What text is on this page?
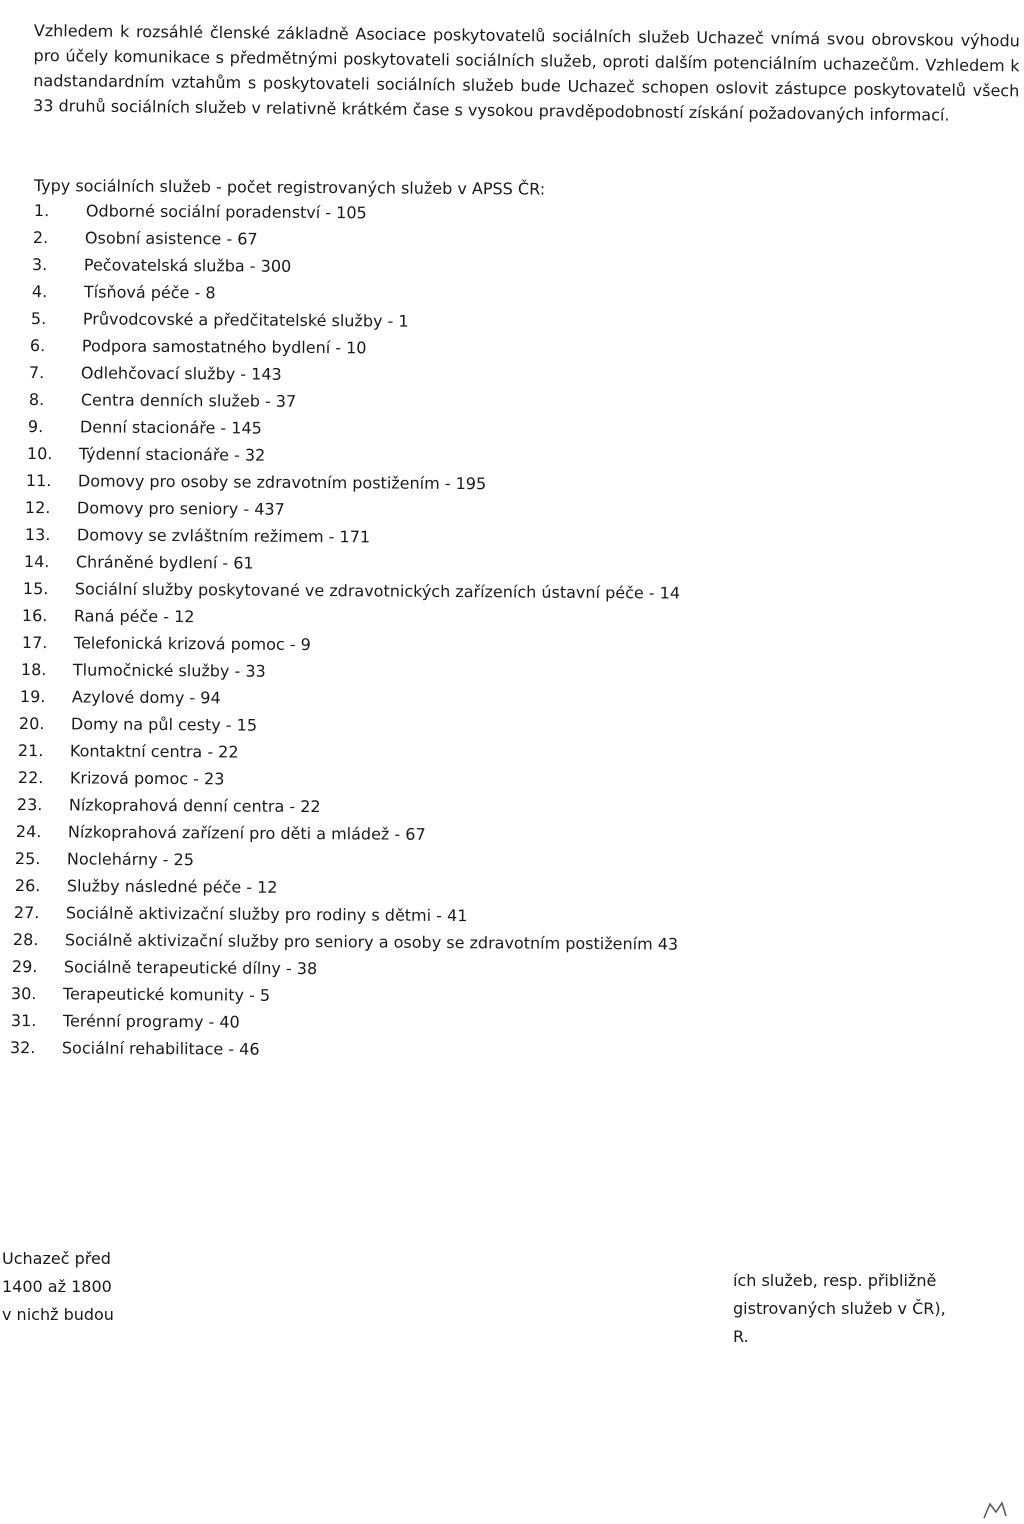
Vzhledem k rozsáhlé členské základně Asociace poskytovatelů sociálních služeb Uchazeč vnímá svou obrovskou výhodu pro účely komunikace s předmětnými poskytovateli sociálních služeb, oproti dalším potenciálním uchazečům. Vzhledem k nadstandardním vztahům s poskytovateli sociálních služeb bude Uchazeč schopen oslovit zástupce poskytovatelů všech 33 druhů sociálních služeb v relativně krátkém čase s vysokou pravděpodobností získání požadovaných informací.

Typy sociálních služeb - počet registrovaných služeb v APSS ČR:
1. Odborné sociální poradenství - 105
2. Osobní asistence - 67
3. Pečovatelská služba - 300
4. Tísňová péče - 8
5. Průvodcovské a předčitatelské služby - 1
6. Podpora samostatného bydlení - 10
7. Odlehčovací služby - 143
8. Centra denních služeb - 37
9. Denní stacionáře - 145
10. Týdenní stacionáře - 32
11. Domovy pro osoby se zdravotním postižením - 195
12. Domovy pro seniory - 437
13. Domovy se zvláštním režimem - 171
14. Chráněné bydlení - 61
15. Sociální služby poskytované ve zdravotnických zařízeních ústavní péče - 14
16. Raná péče - 12
17. Telefonická krizová pomoc - 9
18. Tlumočnické služby - 33
19. Azylové domy - 94
20. Domy na půl cesty - 15
21. Kontaktní centra - 22
22. Krizová pomoc - 23
23. Nízkoprahová denní centra - 22
24. Nízkoprahová zařízení pro děti a mládež - 67
25. Noclehárny - 25
26. Služby následné péče - 12
27. Sociálně aktivizační služby pro rodiny s dětmi - 41
28. Sociálně aktivizační služby pro seniory a osoby se zdravotním postižením 43
29. Sociálně terapeutické dílny - 38
30. Terapeutické komunity - 5
31. Terénní programy - 40
32. Sociální rehabilitace - 46
Uchazeč před
1400 až 1800
v nichž budou
ích služeb, resp. přibližně
gistrovaných služeb v ČR),
R.
